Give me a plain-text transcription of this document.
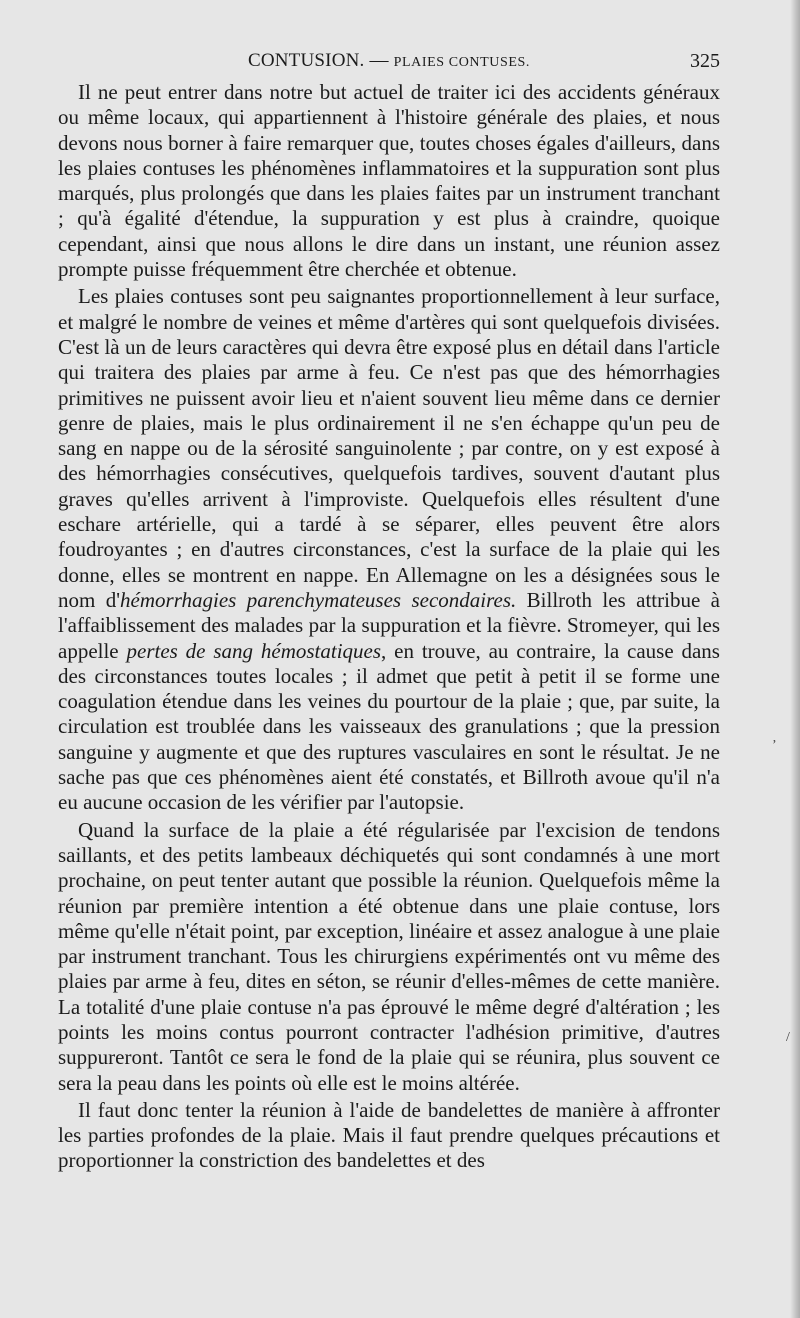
CONTUSION. — PLAIES CONTUSES.	325

Il ne peut entrer dans notre but actuel de traiter ici des accidents généraux ou même locaux, qui appartiennent à l'histoire générale des plaies, et nous devons nous borner à faire remarquer que, toutes choses égales d'ailleurs, dans les plaies contuses les phénomènes inflammatoires et la suppuration sont plus marqués, plus prolongés que dans les plaies faites par un instrument tranchant ; qu'à égalité d'étendue, la suppuration y est plus à craindre, quoique cependant, ainsi que nous allons le dire dans un instant, une réunion assez prompte puisse fréquemment être cherchée et obtenue.

Les plaies contuses sont peu saignantes proportionnellement à leur surface, et malgré le nombre de veines et même d'artères qui sont quelquefois divisées. C'est là un de leurs caractères qui devra être exposé plus en détail dans l'article qui traitera des plaies par arme à feu. Ce n'est pas que des hémorrhagies primitives ne puissent avoir lieu et n'aient souvent lieu même dans ce dernier genre de plaies, mais le plus ordinairement il ne s'en échappe qu'un peu de sang en nappe ou de la sérosité sanguinolente ; par contre, on y est exposé à des hémorrhagies consécutives, quelquefois tardives, souvent d'autant plus graves qu'elles arrivent à l'improviste. Quelquefois elles résultent d'une eschare artérielle, qui a tardé à se séparer, elles peuvent être alors foudroyantes ; en d'autres circonstances, c'est la surface de la plaie qui les donne, elles se montrent en nappe. En Allemagne on les a désignées sous le nom d'hémorrhagies parenchymateuses secondaires. Billroth les attribue à l'affaiblissement des malades par la suppuration et la fièvre. Stromeyer, qui les appelle pertes de sang hémostatiques, en trouve, au contraire, la cause dans des circonstances toutes locales ; il admet que petit à petit il se forme une coagulation étendue dans les veines du pourtour de la plaie ; que, par suite, la circulation est troublée dans les vaisseaux des granulations ; que la pression sanguine y augmente et que des ruptures vasculaires en sont le résultat. Je ne sache pas que ces phénomènes aient été constatés, et Billroth avoue qu'il n'a eu aucune occasion de les vérifier par l'autopsie.

Quand la surface de la plaie a été régularisée par l'excision de tendons saillants, et des petits lambeaux déchiquetés qui sont condamnés à une mort prochaine, on peut tenter autant que possible la réunion. Quelquefois même la réunion par première intention a été obtenue dans une plaie contuse, lors même qu'elle n'était point, par exception, linéaire et assez analogue à une plaie par instrument tranchant. Tous les chirurgiens expérimentés ont vu même des plaies par arme à feu, dites en séton, se réunir d'elles-mêmes de cette manière. La totalité d'une plaie contuse n'a pas éprouvé le même degré d'altération ; les points les moins contus pourront contracter l'adhésion primitive, d'autres suppureront. Tantôt ce sera le fond de la plaie qui se réunira, plus souvent ce sera la peau dans les points où elle est le moins altérée.

Il faut donc tenter la réunion à l'aide de bandelettes de manière à affronter les parties profondes de la plaie. Mais il faut prendre quelques précautions et proportionner la constriction des bandelettes et des

’
/
